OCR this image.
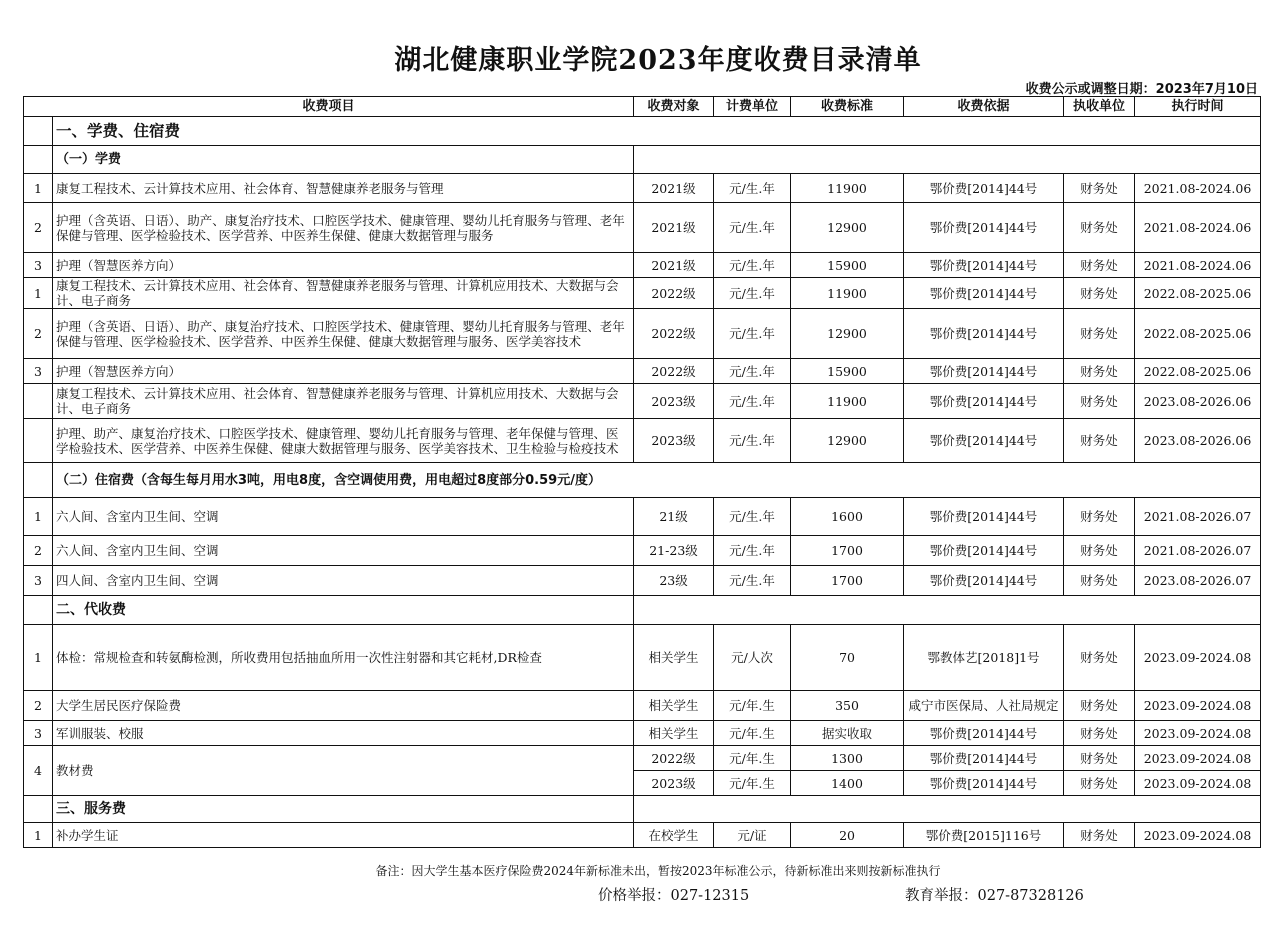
湖北健康职业学院2023年度收费目录清单
收费公示或调整日期：2023年7月10日
收费项目		收费对象	计费单位	收费标准	收费依据	执收单位	执行时间
	一、学费、住宿费						
	（一）学费						
1	康复工程技术、云计算技术应用、社会体育、智慧健康养老服务与管理	2021级	元/生.年	11900	鄂价费[2014]44号	财务处	2021.08-2024.06
2	护理（含英语、日语）、助产、康复治疗技术、口腔医学技术、健康管理、婴幼儿托育服务与管理、老年保健与管理、医学检验技术、医学营养、中医养生保健、健康大数据管理与服务	2021级	元/生.年	12900	鄂价费[2014]44号	财务处	2021.08-2024.06
3	护理（智慧医养方向）	2021级	元/生.年	15900	鄂价费[2014]44号	财务处	2021.08-2024.06
1	康复工程技术、云计算技术应用、社会体育、智慧健康养老服务与管理、计算机应用技术、大数据与会计、电子商务	2022级	元/生.年	11900	鄂价费[2014]44号	财务处	2022.08-2025.06
2	护理（含英语、日语）、助产、康复治疗技术、口腔医学技术、健康管理、婴幼儿托育服务与管理、老年保健与管理、医学检验技术、医学营养、中医养生保健、健康大数据管理与服务、医学美容技术	2022级	元/生.年	12900	鄂价费[2014]44号	财务处	2022.08-2025.06
3	护理（智慧医养方向）	2022级	元/生.年	15900	鄂价费[2014]44号	财务处	2022.08-2025.06
	康复工程技术、云计算技术应用、社会体育、智慧健康养老服务与管理、计算机应用技术、大数据与会计、电子商务	2023级	元/生.年	11900	鄂价费[2014]44号	财务处	2023.08-2026.06
	护理、助产、康复治疗技术、口腔医学技术、健康管理、婴幼儿托育服务与管理、老年保健与管理、医学检验技术、医学营养、中医养生保健、健康大数据管理与服务、医学美容技术、卫生检验与检疫技术	2023级	元/生.年	12900	鄂价费[2014]44号	财务处	2023.08-2026.06
	（二）住宿费（含每生每月用水3吨，用电8度，含空调使用费，用电超过8度部分0.59元/度）						
1	六人间、含室内卫生间、空调	21级	元/生.年	1600	鄂价费[2014]44号	财务处	2021.08-2026.07
2	六人间、含室内卫生间、空调	21-23级	元/生.年	1700	鄂价费[2014]44号	财务处	2021.08-2026.07
3	四人间、含室内卫生间、空调	23级	元/生.年	1700	鄂价费[2014]44号	财务处	2023.08-2026.07
	二、代收费						
1	体检：常规检查和转氨酶检测，所收费用包括抽血所用一次性注射器和其它耗材,DR检查	相关学生	元/人次	70	鄂教体艺[2018]1号	财务处	2023.09-2024.08
2	大学生居民医疗保险费	相关学生	元/年.生	350	咸宁市医保局、人社局规定	财务处	2023.09-2024.08
3	军训服装、校服	相关学生	元/年.生	据实收取	鄂价费[2014]44号	财务处	2023.09-2024.08
4	教材费	2022级	元/年.生	1300	鄂价费[2014]44号	财务处	2023.09-2024.08
		2023级	元/年.生	1400	鄂价费[2014]44号	财务处	2023.09-2024.08
	三、服务费						
1	补办学生证	在校学生	元/证	20	鄂价费[2015]116号	财务处	2023.09-2024.08
备注：因大学生基本医疗保险费2024年新标准未出，暂按2023年标准公示，待新标准出来则按新标准执行
价格举报：027-12315	教育举报：027-87328126
